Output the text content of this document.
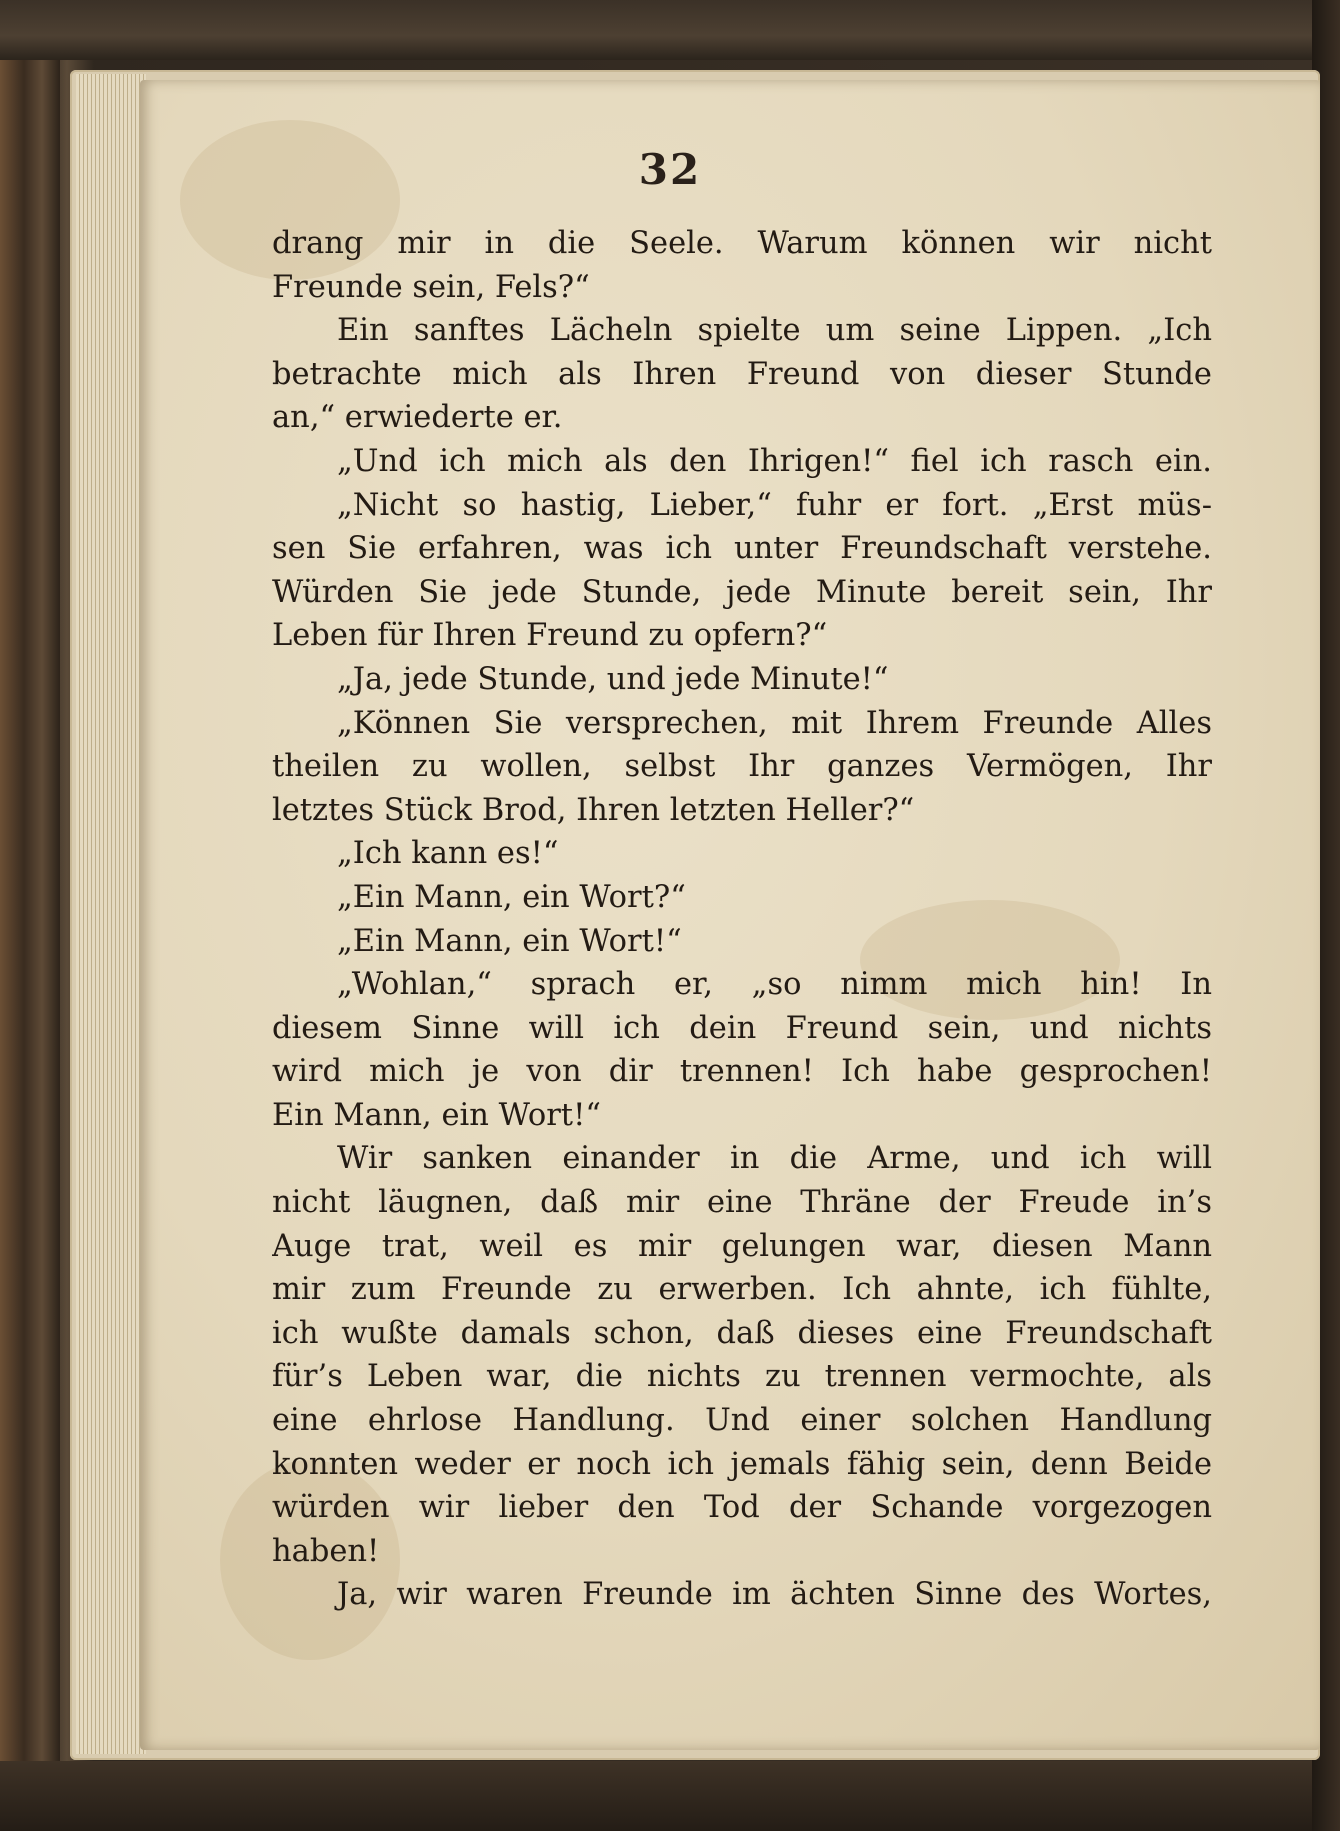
32
drang mir in die Seele. Warum können wir nicht
Freunde sein, Fels?“
Ein sanftes Lächeln spielte um seine Lippen. „Ich
betrachte mich als Ihren Freund von dieser Stunde
an,“ erwiederte er.
„Und ich mich als den Ihrigen!“ fiel ich rasch ein.
„Nicht so hastig, Lieber,“ fuhr er fort. „Erst müs-
sen Sie erfahren, was ich unter Freundschaft verstehe.
Würden Sie jede Stunde, jede Minute bereit sein, Ihr
Leben für Ihren Freund zu opfern?“
„Ja, jede Stunde, und jede Minute!“
„Können Sie versprechen, mit Ihrem Freunde Alles
theilen zu wollen, selbst Ihr ganzes Vermögen, Ihr
letztes Stück Brod, Ihren letzten Heller?“
„Ich kann es!“
„Ein Mann, ein Wort?“
„Ein Mann, ein Wort!“
„Wohlan,“ sprach er, „so nimm mich hin! In
diesem Sinne will ich dein Freund sein, und nichts
wird mich je von dir trennen! Ich habe gesprochen!
Ein Mann, ein Wort!“
Wir sanken einander in die Arme, und ich will
nicht läugnen, daß mir eine Thräne der Freude in’s
Auge trat, weil es mir gelungen war, diesen Mann
mir zum Freunde zu erwerben. Ich ahnte, ich fühlte,
ich wußte damals schon, daß dieses eine Freundschaft
für’s Leben war, die nichts zu trennen vermochte, als
eine ehrlose Handlung. Und einer solchen Handlung
konnten weder er noch ich jemals fähig sein, denn Beide
würden wir lieber den Tod der Schande vorgezogen
haben!
Ja, wir waren Freunde im ächten Sinne des Wortes,
